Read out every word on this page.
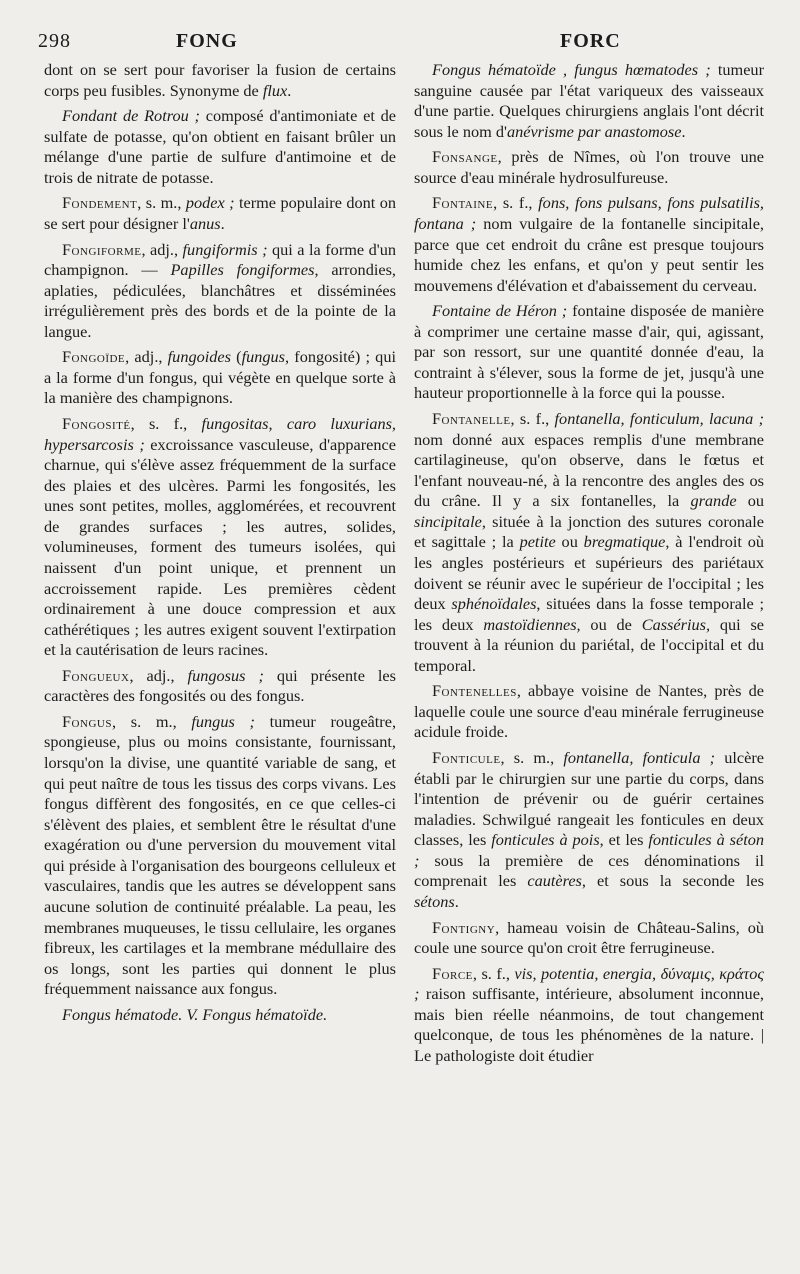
298	FONG	FORC

dont on se sert pour favoriser la fusion de certains corps peu fusibles. Synonyme de flux.

Fondant de Rotrou ; composé d'antimoniate et de sulfate de potasse, qu'on obtient en faisant brûler un mélange d'une partie de sulfure d'antimoine et de trois de nitrate de potasse.

Fondement, s. m., podex ; terme populaire dont on se sert pour désigner l'anus.

Fongiforme, adj., fungiformis ; qui a la forme d'un champignon. — Papilles fongiformes, arrondies, aplaties, pédiculées, blanchâtres et disséminées irrégulièrement près des bords et de la pointe de la langue.

Fongoïde, adj., fungoides (fungus, fongosité) ; qui a la forme d'un fongus, qui végète en quelque sorte à la manière des champignons.

Fongosité, s. f., fungositas, caro luxurians, hypersarcosis ; excroissance vasculeuse, d'apparence charnue, qui s'élève assez fréquemment de la surface des plaies et des ulcères. Parmi les fongosités, les unes sont petites, molles, agglomérées, et recouvrent de grandes surfaces ; les autres, solides, volumineuses, forment des tumeurs isolées, qui naissent d'un point unique, et prennent un accroissement rapide. Les premières cèdent ordinairement à une douce compression et aux cathérétiques ; les autres exigent souvent l'extirpation et la cautérisation de leurs racines.

Fongueux, adj., fungosus ; qui présente les caractères des fongosités ou des fongus.

Fongus, s. m., fungus ; tumeur rougeâtre, spongieuse, plus ou moins consistante, fournissant, lorsqu'on la divise, une quantité variable de sang, et qui peut naître de tous les tissus des corps vivans. Les fongus diffèrent des fongosités, en ce que celles-ci s'élèvent des plaies, et semblent être le résultat d'une exagération ou d'une perversion du mouvement vital qui préside à l'organisation des bourgeons celluleux et vasculaires, tandis que les autres se développent sans aucune solution de continuité préalable. La peau, les membranes muqueuses, le tissu cellulaire, les organes fibreux, les cartilages et la membrane médullaire des os longs, sont les parties qui donnent le plus fréquemment naissance aux fongus.

Fongus hématode. V. Fongus hématoïde.

Fongus hématoïde , fungus hœmatodes ; tumeur sanguine causée par l'état variqueux des vaisseaux d'une partie. Quelques chirurgiens anglais l'ont décrit sous le nom d'anévrisme par anastomose.

Fonsange, près de Nîmes, où l'on trouve une source d'eau minérale hydrosulfureuse.

Fontaine, s. f., fons, fons pulsans, fons pulsatilis, fontana ; nom vulgaire de la fontanelle sincipitale, parce que cet endroit du crâne est presque toujours humide chez les enfans, et qu'on y peut sentir les mouvemens d'élévation et d'abaissement du cerveau.

Fontaine de Héron ; fontaine disposée de manière à comprimer une certaine masse d'air, qui, agissant, par son ressort, sur une quantité donnée d'eau, la contraint à s'élever, sous la forme de jet, jusqu'à une hauteur proportionnelle à la force qui la pousse.

Fontanelle, s. f., fontanella, fonticulum, lacuna ; nom donné aux espaces remplis d'une membrane cartilagineuse, qu'on observe, dans le fœtus et l'enfant nouveau-né, à la rencontre des angles des os du crâne. Il y a six fontanelles, la grande ou sincipitale, située à la jonction des sutures coronale et sagittale ; la petite ou bregmatique, à l'endroit où les angles postérieurs et supérieurs des pariétaux doivent se réunir avec le supérieur de l'occipital ; les deux sphénoïdales, situées dans la fosse temporale ; les deux mastoïdiennes, ou de Cassérius, qui se trouvent à la réunion du pariétal, de l'occipital et du temporal.

Fontenelles, abbaye voisine de Nantes, près de laquelle coule une source d'eau minérale ferrugineuse acidule froide.

Fonticule, s. m., fontanella, fonticula ; ulcère établi par le chirurgien sur une partie du corps, dans l'intention de prévenir ou de guérir certaines maladies. Schwilgué rangeait les fonticules en deux classes, les fonticules à pois, et les fonticules à séton ; sous la première de ces dénominations il comprenait les cautères, et sous la seconde les sétons.

Fontigny, hameau voisin de Château-Salins, où coule une source qu'on croit être ferrugineuse.

Force, s. f., vis, potentia, energia, δύναμις, κράτος ; raison suffisante, intérieure, absolument inconnue, mais bien réelle néanmoins, de tout changement quelconque, de tous les phénomènes de la nature. | Le pathologiste doit étudier
